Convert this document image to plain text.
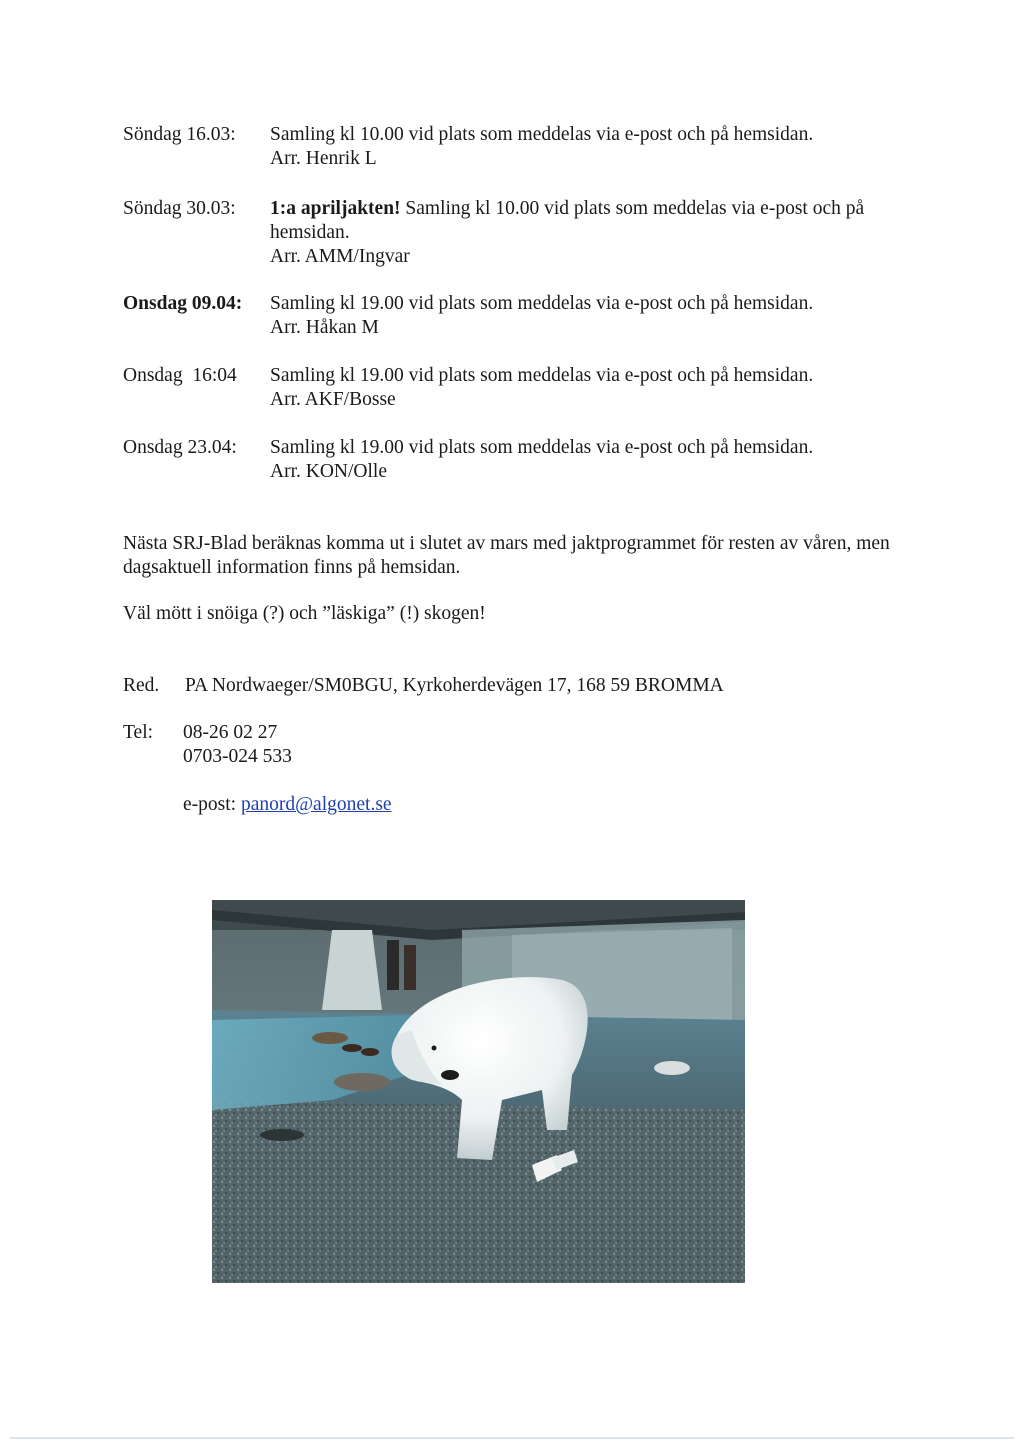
Söndag 16.03: Samling kl 10.00 vid plats som meddelas via e-post och på hemsidan.
Arr. Henrik L
Söndag 30.03: 1:a apriljakten! Samling kl 10.00 vid plats som meddelas via e-post och på hemsidan.
Arr. AMM/Ingvar
Onsdag 09.04: Samling kl 19.00 vid plats som meddelas via e-post och på hemsidan.
Arr. Håkan M
Onsdag  16:04 Samling kl 19.00 vid plats som meddelas via e-post och på hemsidan.
Arr. AKF/Bosse
Onsdag 23.04: Samling kl 19.00 vid plats som meddelas via e-post och på hemsidan.
Arr. KON/Olle
Nästa SRJ-Blad beräknas komma ut i slutet av mars med jaktprogrammet för resten av våren, men dagsaktuell information finns på hemsidan.
Väl mött i snöiga (?) och ”läskiga” (!) skogen!
Red. PA Nordwaeger/SM0BGU, Kyrkoherdevägen 17, 168 59 BROMMA
Tel: 08-26 02 27
0703-024 533
e-post: panord@algonet.se
